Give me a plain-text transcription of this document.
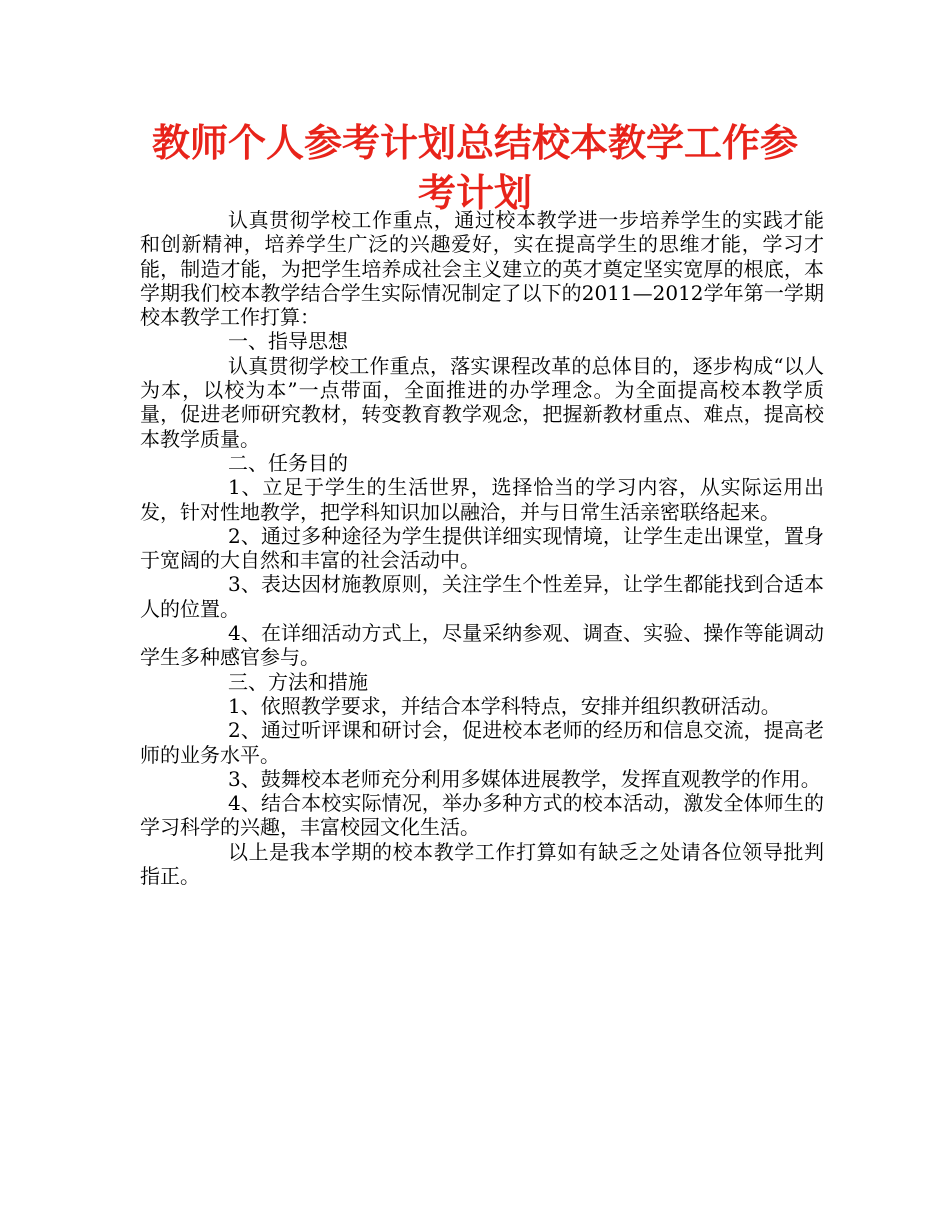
教师个人参考计划总结校本教学工作参考计划

认真贯彻学校工作重点，通过校本教学进一步培养学生的实践才能和创新精神，培养学生广泛的兴趣爱好，实在提高学生的思维才能，学习才能，制造才能，为把学生培养成社会主义建立的英才奠定坚实宽厚的根底，本学期我们校本教学结合学生实际情况制定了以下的2011—2012学年第一学期校本教学工作打算：

一、指导思想

认真贯彻学校工作重点，落实课程改革的总体目的，逐步构成“以人为本，以校为本”一点带面，全面推进的办学理念。为全面提高校本教学质量，促进老师研究教材，转变教育教学观念，把握新教材重点、难点，提高校本教学质量。

二、任务目的

1、立足于学生的生活世界，选择恰当的学习内容，从实际运用出发，针对性地教学，把学科知识加以融洽，并与日常生活亲密联络起来。

2、通过多种途径为学生提供详细实现情境，让学生走出课堂，置身于宽阔的大自然和丰富的社会活动中。

3、表达因材施教原则，关注学生个性差异，让学生都能找到合适本人的位置。

4、在详细活动方式上，尽量采纳参观、调查、实验、操作等能调动学生多种感官参与。

三、方法和措施

1、依照教学要求，并结合本学科特点，安排并组织教研活动。

2、通过听评课和研讨会，促进校本老师的经历和信息交流，提高老师的业务水平。

3、鼓舞校本老师充分利用多媒体进展教学，发挥直观教学的作用。

4、结合本校实际情况，举办多种方式的校本活动，激发全体师生的学习科学的兴趣，丰富校园文化生活。

以上是我本学期的校本教学工作打算如有缺乏之处请各位领导批判指正。
